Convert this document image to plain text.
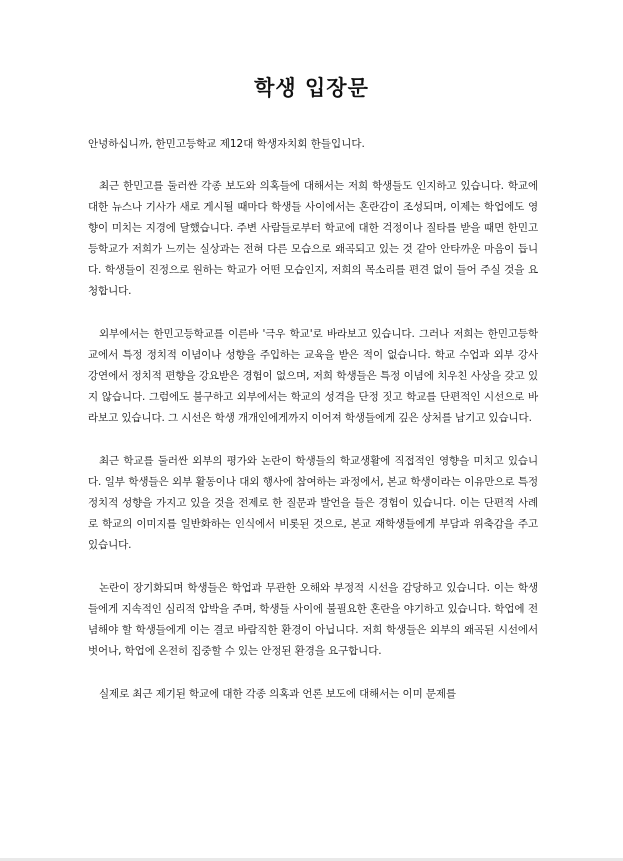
학생 입장문

안녕하십니까, 한민고등학교 제12대 학생자치회 한들입니다.

최근 한민고를 둘러싼 각종 보도와 의혹들에 대해서는 저희 학생들도 인지하고 있습니다. 학교에 대한 뉴스나 기사가 새로 게시될 때마다 학생들 사이에서는 혼란감이 조성되며, 이제는 학업에도 영향이 미치는 지경에 달했습니다. 주변 사람들로부터 학교에 대한 걱정이나 질타를 받을 때면 한민고등학교가 저희가 느끼는 실상과는 전혀 다른 모습으로 왜곡되고 있는 것 같아 안타까운 마음이 듭니다. 학생들이 진정으로 원하는 학교가 어떤 모습인지, 저희의 목소리를 편견 없이 들어 주실 것을 요청합니다.

외부에서는 한민고등학교를 이른바 '극우 학교'로 바라보고 있습니다. 그러나 저희는 한민고등학교에서 특정 정치적 이념이나 성향을 주입하는 교육을 받은 적이 없습니다. 학교 수업과 외부 강사 강연에서 정치적 편향을 강요받은 경험이 없으며, 저희 학생들은 특정 이념에 치우친 사상을 갖고 있지 않습니다. 그럼에도 불구하고 외부에서는 학교의 성격을 단정 짓고 학교를 단편적인 시선으로 바라보고 있습니다. 그 시선은 학생 개개인에게까지 이어져 학생들에게 깊은 상처를 남기고 있습니다.

최근 학교를 둘러싼 외부의 평가와 논란이 학생들의 학교생활에 직접적인 영향을 미치고 있습니다. 일부 학생들은 외부 활동이나 대외 행사에 참여하는 과정에서, 본교 학생이라는 이유만으로 특정 정치적 성향을 가지고 있을 것을 전제로 한 질문과 발언을 들은 경험이 있습니다. 이는 단편적 사례로 학교의 이미지를 일반화하는 인식에서 비롯된 것으로, 본교 재학생들에게 부담과 위축감을 주고 있습니다.

논란이 장기화되며 학생들은 학업과 무관한 오해와 부정적 시선을 감당하고 있습니다. 이는 학생들에게 지속적인 심리적 압박을 주며, 학생들 사이에 불필요한 혼란을 야기하고 있습니다. 학업에 전념해야 할 학생들에게 이는 결코 바람직한 환경이 아닙니다. 저희 학생들은 외부의 왜곡된 시선에서 벗어나, 학업에 온전히 집중할 수 있는 안정된 환경을 요구합니다.

실제로 최근 제기된 학교에 대한 각종 의혹과 언론 보도에 대해서는 이미 문제를
